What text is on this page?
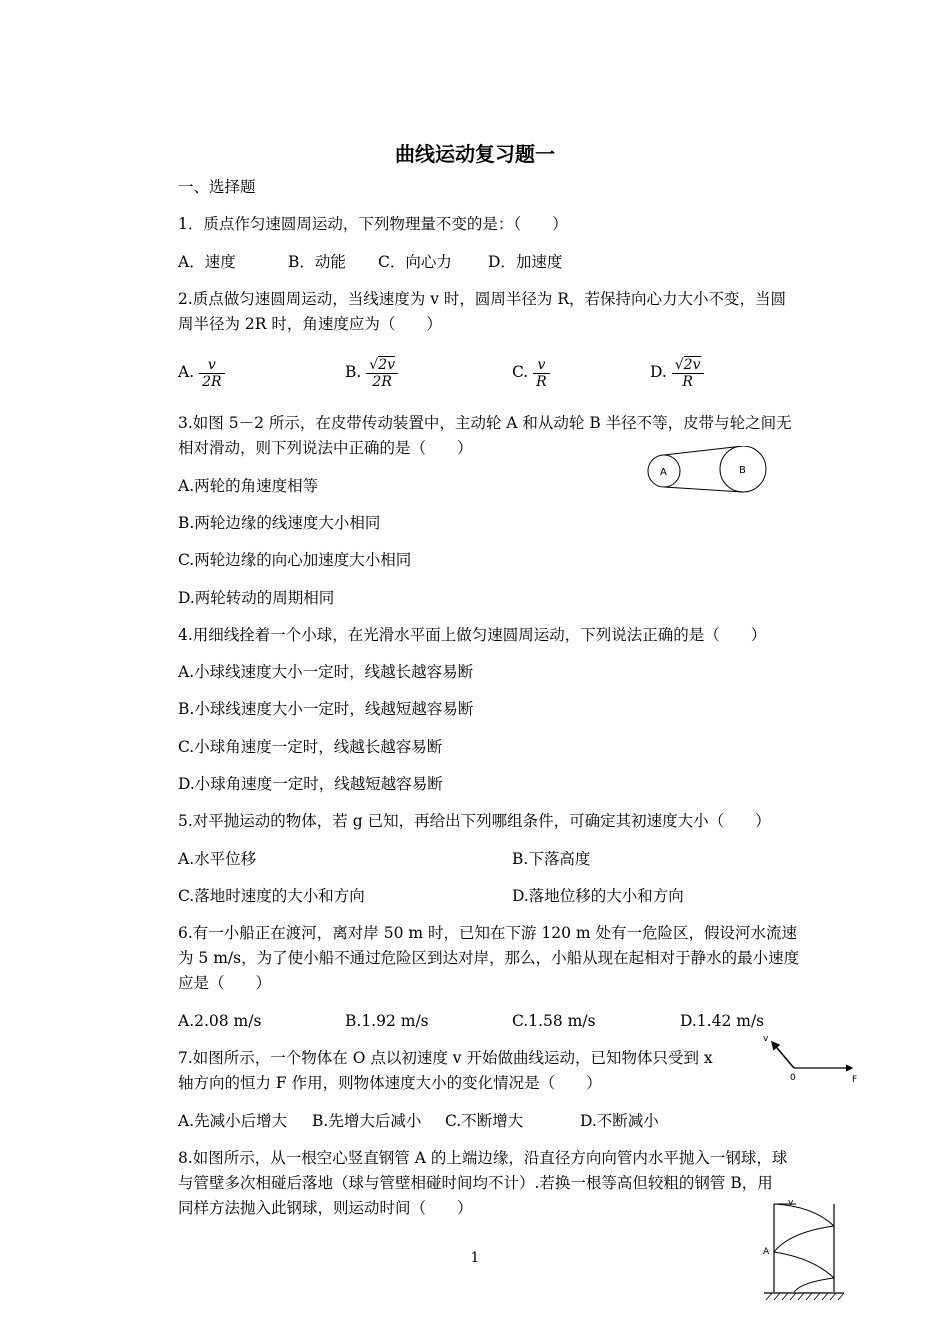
曲线运动复习题一
一、选择题
1．质点作匀速圆周运动，下列物理量不变的是：（　　）
A．速度	B．动能 C．向心力 D．加速度
2.质点做匀速圆周运动，当线速度为 v 时，圆周半径为 R，若保持向心力大小不变，当圆
周半径为 2R 时，角速度应为（　　）
A. $\frac{v}{2R}$	B. $\frac{√2v}{2R}$	C. $\frac{v}{R}$	D. $\frac{√2v}{R}$
3.如图 5－2 所示，在皮带传动装置中，主动轮 A 和从动轮 B 半径不等，皮带与轮之间无
相对滑动，则下列说法中正确的是（　　）
A.两轮的角速度相等
B.两轮边缘的线速度大小相同
C.两轮边缘的向心加速度大小相同
D.两轮转动的周期相同
A	B
4.用细线拴着一个小球，在光滑水平面上做匀速圆周运动，下列说法正确的是（　　）
A.小球线速度大小一定时，线越长越容易断
B.小球线速度大小一定时，线越短越容易断
C.小球角速度一定时，线越长越容易断
D.小球角速度一定时，线越短越容易断
5.对平抛运动的物体，若 g 已知，再给出下列哪组条件，可确定其初速度大小（　　）
A.水平位移	B.下落高度
C.落地时速度的大小和方向	D.落地位移的大小和方向
6.有一小船正在渡河，离对岸 50 m 时，已知在下游 120 m 处有一危险区，假设河水流速
为 5 m/s，为了使小船不通过危险区到达对岸，那么，小船从现在起相对于静水的最小速度
应是（　　）
A.2.08 m/s	B.1.92 m/s	C.1.58 m/s	D.1.42 m/s
7.如图所示，一个物体在 O 点以初速度 v 开始做曲线运动，已知物体只受到 x
轴方向的恒力 F 作用，则物体速度大小的变化情况是（　　）
A.先减小后增大 B.先增大后减小 C.不断增大	D.不断减小
v
0	F
8.如图所示，从一根空心竖直钢管 A 的上端边缘，沿直径方向向管内水平抛入一钢球，球
与管壁多次相碰后落地（球与管壁相碰时间均不计）.若换一根等高但较粗的钢管 B，用
同样方法抛入此钢球，则运动时间（　　）	v
A
1
